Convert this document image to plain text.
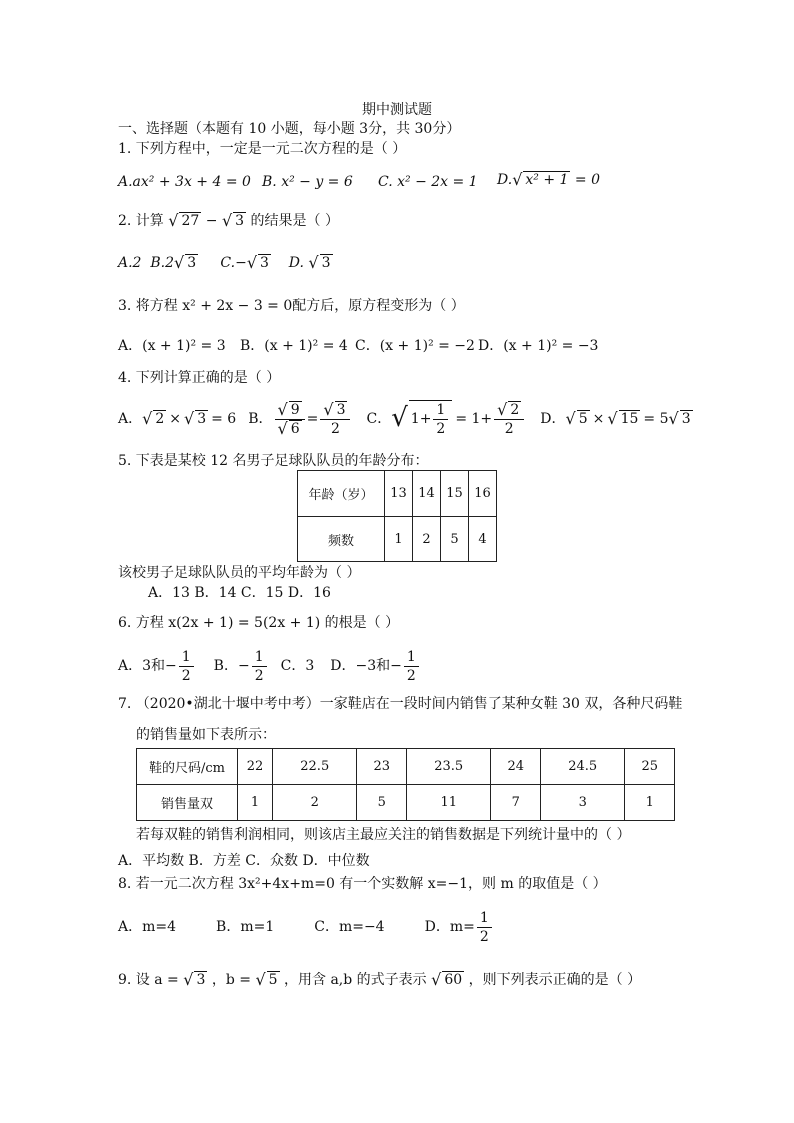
期中测试题
一、选择题（本题有 10 小题，每小题 3分，共 30分）
1. 下列方程中，一定是一元二次方程的是（ ）
A.ax² + 3x + 4 = 0 B. x² − y = 6 C. x² − 2x = 1 D. √ x² + 1 = 0
2. 计算 √ 27 − √ 3 的结果是（ ）
A.2 B.2 √ 3 C.− √ 3 D. √ 3
3. 将方程 x² + 2x − 3 = 0配方后，原方程变形为（ ）
A．(x + 1)² = 3 B．(x + 1)² = 4 C．(x + 1)² = −2 D．(x + 1)² = −3
4. 下列计算正确的是（ ）
A． √ 2 × √ 3 = 6 B． $\frac{√ 9}{√ 6} = \frac{√ 3}{2}$ C． √ $1+ \frac{1}{2} = 1+ \frac{√ 2}{2}$ D． √ 5 × √ 15 = 5 √ 3
5. 下表是某校 12 名男子足球队队员的年龄分布：
年龄（岁）	13	14	15	16
频数	1	2	5	4
该校男子足球队队员的平均年龄为（ ）
A．13 B．14 C．15 D．16
6. 方程 x(2x + 1) = 5(2x + 1) 的根是（ ）
A．3和− $\frac{1}{2}$ B．− $\frac{1}{2}$ C．3 D．−3和− $\frac{1}{2}$
7. （2020•湖北十堰中考中考）一家鞋店在一段时间内销售了某种女鞋 30 双，各种尺码鞋
的销售量如下表所示：
鞋的尺码/cm	22	22.5	23	23.5	24	24.5	25
销售量双	1	2	5	11	7	3	1
若每双鞋的销售利润相同，则该店主最应关注的销售数据是下列统计量中的（ ）
A．平均数 B．方差 C．众数 D．中位数
8. 若一元二次方程 3x²+4x+m=0 有一个实数解 x=−1，则 m 的取值是（ ）
A．m=4	B．m=1	C．m=−4	D．$m= \frac{1}{2}$
9. 设 a = √ 3 ，b = √ 5 ，用含 a,b 的式子表示 √ 60 ，则下列表示正确的是（ ）
